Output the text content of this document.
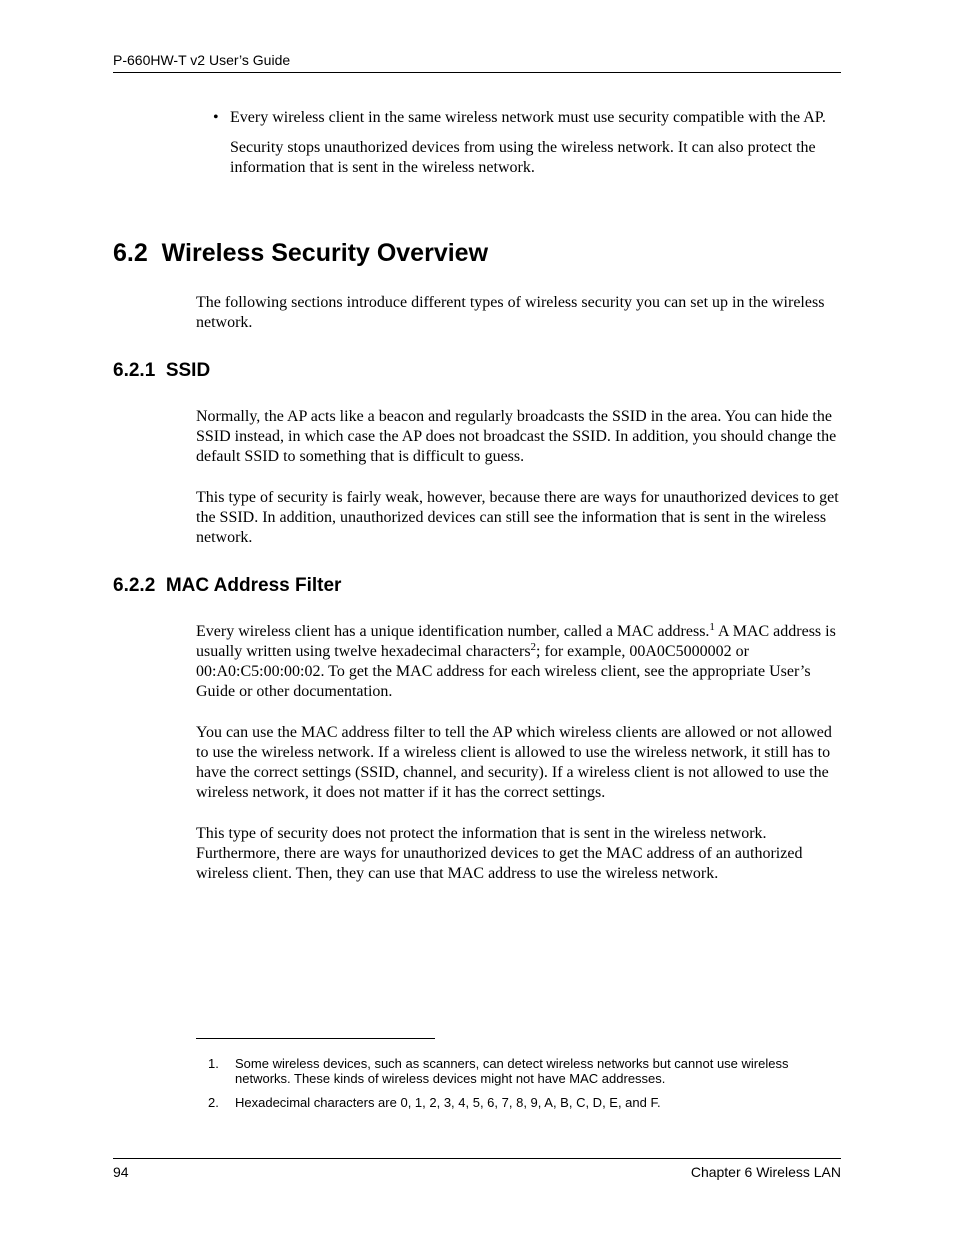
P-660HW-T v2 User’s Guide
• Every wireless client in the same wireless network must use security compatible with the AP.

Security stops unauthorized devices from using the wireless network. It can also protect the information that is sent in the wireless network.

6.2 Wireless Security Overview

The following sections introduce different types of wireless security you can set up in the wireless network.

6.2.1 SSID

Normally, the AP acts like a beacon and regularly broadcasts the SSID in the area. You can hide the SSID instead, in which case the AP does not broadcast the SSID. In addition, you should change the default SSID to something that is difficult to guess.

This type of security is fairly weak, however, because there are ways for unauthorized devices to get the SSID. In addition, unauthorized devices can still see the information that is sent in the wireless network.

6.2.2 MAC Address Filter

Every wireless client has a unique identification number, called a MAC address.$^1$ A MAC address is usually written using twelve hexadecimal characters$^2$; for example, 00A0C5000002 or 00:A0:C5:00:00:02. To get the MAC address for each wireless client, see the appropriate User’s Guide or other documentation.

You can use the MAC address filter to tell the AP which wireless clients are allowed or not allowed to use the wireless network. If a wireless client is allowed to use the wireless network, it still has to have the correct settings (SSID, channel, and security). If a wireless client is not allowed to use the wireless network, it does not matter if it has the correct settings.

This type of security does not protect the information that is sent in the wireless network. Furthermore, there are ways for unauthorized devices to get the MAC address of an authorized wireless client. Then, they can use that MAC address to use the wireless network.

1.	Some wireless devices, such as scanners, can detect wireless networks but cannot use wireless networks. These kinds of wireless devices might not have MAC addresses.
2.	Hexadecimal characters are 0, 1, 2, 3, 4, 5, 6, 7, 8, 9, A, B, C, D, E, and F.
94	Chapter 6 Wireless LAN
